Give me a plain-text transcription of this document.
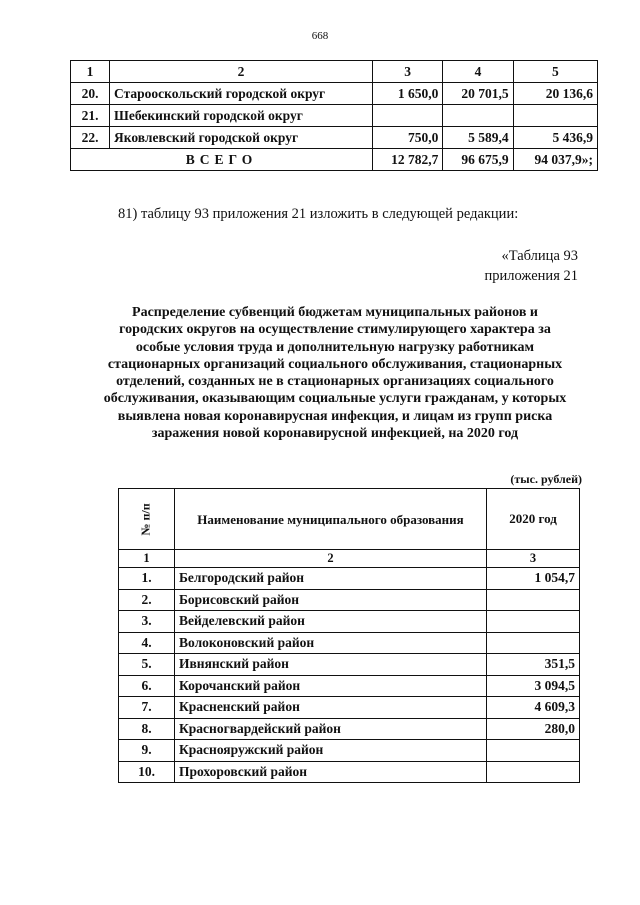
668
1	2	3	4	5
20.	Старооскольский городской округ	1 650,0	20 701,5	20 136,6
21.	Шебекинский городской округ			
22.	Яковлевский городской округ	750,0	5 589,4	5 436,9
ВСЕГО		12 782,7	96 675,9	94 037,9»;
81) таблицу 93 приложения 21 изложить в следующей редакции:
«Таблица 93
приложения 21
Распределение субвенций бюджетам муниципальных районов и городских округов на осуществление стимулирующего характера за особые условия труда и дополнительную нагрузку работникам стационарных организаций социального обслуживания, стационарных отделений, созданных не в стационарных организациях социального обслуживания, оказывающим социальные услуги гражданам, у которых выявлена новая коронавирусная инфекция, и лицам из групп риска заражения новой коронавирусной инфекцией, на 2020 год
(тыс. рублей)
№ п/п	Наименование муниципального образования	2020 год
1	2	3
1.	Белгородский район	1 054,7
2.	Борисовский район	
3.	Вейделевский район	
4.	Волоконовский район	
5.	Ивнянский район	351,5
6.	Корочанский район	3 094,5
7.	Красненский район	4 609,3
8.	Красногвардейский район	280,0
9.	Краснояружский район	
10.	Прохоровский район	
